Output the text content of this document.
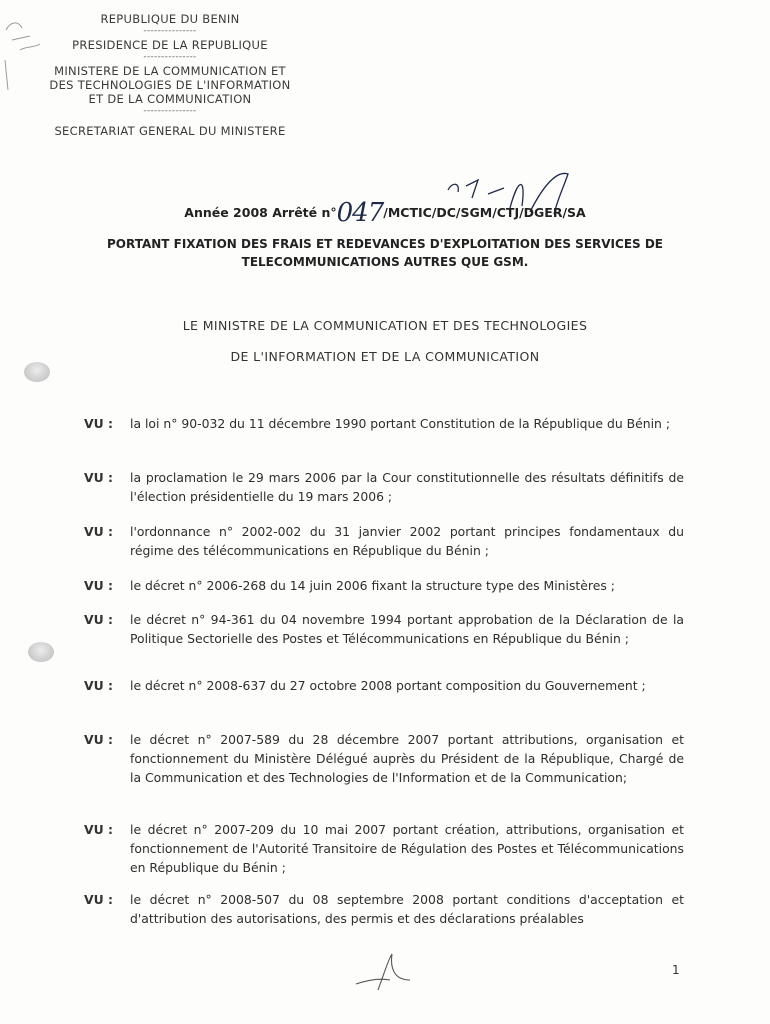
REPUBLIQUE DU BENIN

---------------

PRESIDENCE DE LA REPUBLIQUE

---------------

MINISTERE DE LA COMMUNICATION ET

DES TECHNOLOGIES DE L'INFORMATION

ET DE LA COMMUNICATION

---------------

SECRETARIAT GENERAL DU MINISTERE

Année 2008 Arrêté n°047/MCTIC/DC/SGM/CTJ/DGER/SA
PORTANT FIXATION DES FRAIS ET REDEVANCES D'EXPLOITATION DES SERVICES DE
TELECOMMUNICATIONS AUTRES QUE GSM.

LE MINISTRE DE LA COMMUNICATION ET DES TECHNOLOGIES

DE L'INFORMATION ET DE LA COMMUNICATION

VU :	la loi n° 90-032 du 11 décembre 1990 portant Constitution de la République du Bénin ;
VU :	la proclamation le 29 mars 2006 par la Cour constitutionnelle des résultats définitifs de l'élection présidentielle du 19 mars 2006 ;
VU :	l'ordonnance n° 2002-002 du 31 janvier 2002 portant principes fondamentaux du régime des télécommunications en République du Bénin ;
VU :	le décret n° 2006-268 du 14 juin 2006 fixant la structure type des Ministères ;
VU :	le décret n° 94-361 du 04 novembre 1994 portant approbation de la Déclaration de la Politique Sectorielle des Postes et Télécommunications en République du Bénin ;
VU :	le décret n° 2008-637 du 27 octobre 2008 portant composition du Gouvernement ;
VU :	le décret n° 2007-589 du 28 décembre 2007 portant attributions, organisation et fonctionnement du Ministère Délégué auprès du Président de la République, Chargé de la Communication et des Technologies de l'Information et de la Communication;
VU :	le décret n° 2007-209 du 10 mai 2007 portant création, attributions, organisation et fonctionnement de l'Autorité Transitoire de Régulation des Postes et Télécommunications en République du Bénin ;
VU :	le décret n° 2008-507 du 08 septembre 2008 portant conditions d'acceptation et d'attribution des autorisations, des permis et des déclarations préalables
1
